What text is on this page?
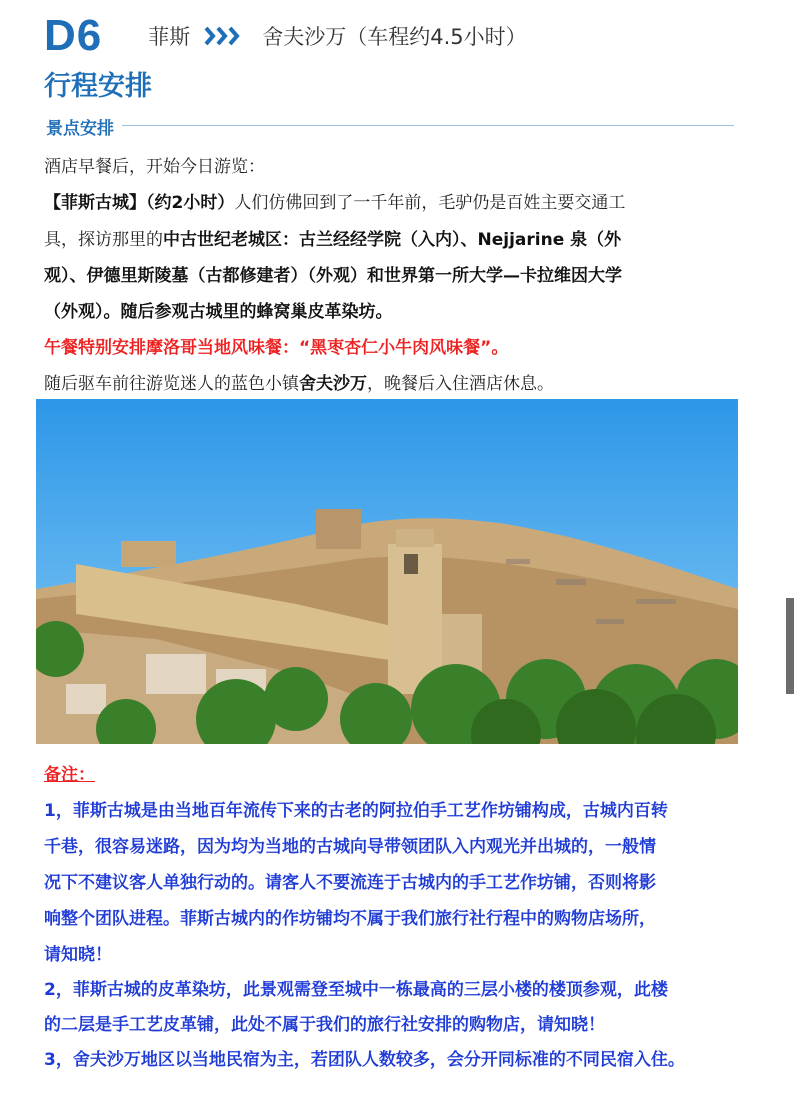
D6 菲斯	舍夫沙万（车程约4.5小时）
行程安排
景点安排
酒店早餐后，开始今日游览：
【菲斯古城】（约2小时）人们仿佛回到了一千年前，毛驴仍是百姓主要交通工
具，探访那里的中古世纪老城区：古兰经经学院（入内）、Nejjarine 泉（外
观）、伊德里斯陵墓（古都修建者）（外观）和世界第一所大学—卡拉维因大学
（外观）。随后参观古城里的蜂窝巢皮革染坊。
午餐特别安排摩洛哥当地风味餐：“黑枣杏仁小牛肉风味餐”。
随后驱车前往游览迷人的蓝色小镇舍夫沙万，晚餐后入住酒店休息。
备注：
1，菲斯古城是由当地百年流传下来的古老的阿拉伯手工艺作坊铺构成，古城内百转
千巷，很容易迷路，因为均为当地的古城向导带领团队入内观光并出城的，一般情
况下不建议客人单独行动的。请客人不要流连于古城内的手工艺作坊铺，否则将影
响整个团队进程。菲斯古城内的作坊铺均不属于我们旅行社行程中的购物店场所，
请知晓！
2，菲斯古城的皮革染坊，此景观需登至城中一栋最高的三层小楼的楼顶参观，此楼
的二层是手工艺皮革铺，此处不属于我们的旅行社安排的购物店，请知晓！
3，舍夫沙万地区以当地民宿为主，若团队人数较多，会分开同标准的不同民宿入住。
